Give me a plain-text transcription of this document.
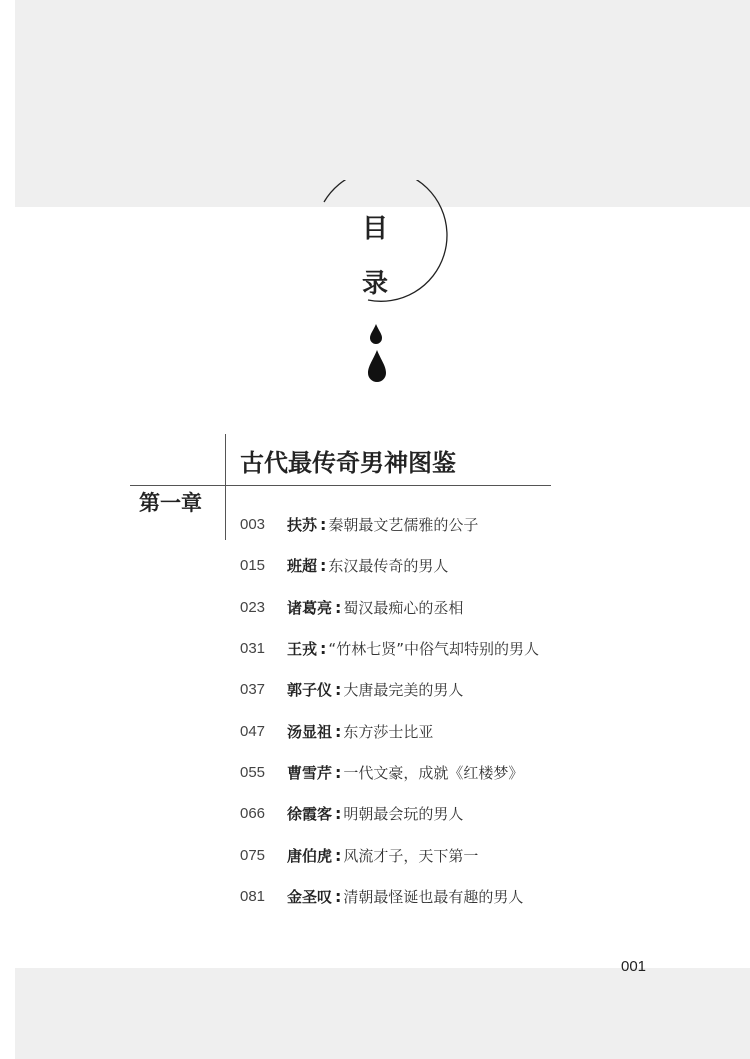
目
录
古代最传奇男神图鉴
第一章
003	扶苏 : 秦朝最文艺儒雅的公子
015	班超 : 东汉最传奇的男人
023	诸葛亮 : 蜀汉最痴心的丞相
031	王戎 : “竹林七贤”中俗气却特别的男人
037	郭子仪 : 大唐最完美的男人
047	汤显祖 : 东方莎士比亚
055	曹雪芹 : 一代文豪，成就《红楼梦》
066	徐霞客 : 明朝最会玩的男人
075	唐伯虎 : 风流才子，天下第一
081	金圣叹 : 清朝最怪诞也最有趣的男人
001
